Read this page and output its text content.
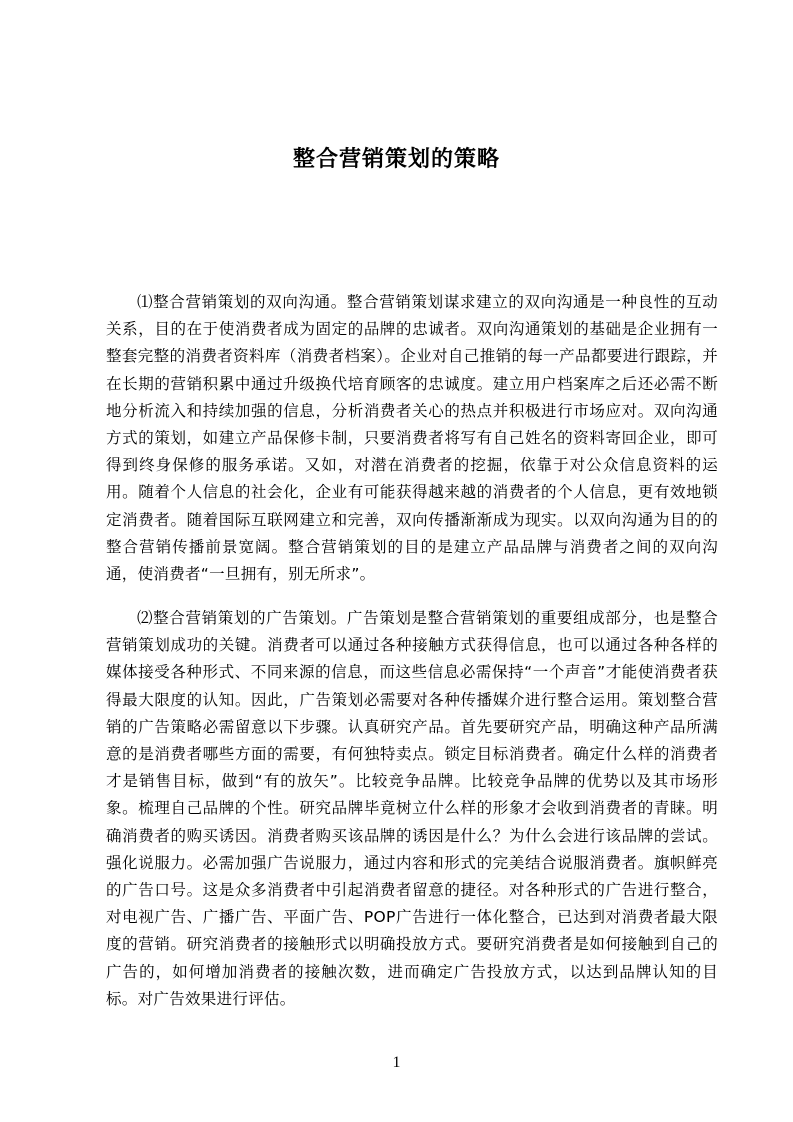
整合营销策划的策略

⑴整合营销策划的双向沟通。整合营销策划谋求建立的双向沟通是一种良性的互动关系，目的在于使消费者成为固定的品牌的忠诚者。双向沟通策划的基础是企业拥有一整套完整的消费者资料库（消费者档案）。企业对自己推销的每一产品都要进行跟踪，并在长期的营销积累中通过升级换代培育顾客的忠诚度。建立用户档案库之后还必需不断地分析流入和持续加强的信息，分析消费者关心的热点并积极进行市场应对。双向沟通方式的策划，如建立产品保修卡制，只要消费者将写有自己姓名的资料寄回企业，即可得到终身保修的服务承诺。又如，对潜在消费者的挖掘，依靠于对公众信息资料的运用。随着个人信息的社会化，企业有可能获得越来越的消费者的个人信息，更有效地锁定消费者。随着国际互联网建立和完善，双向传播渐渐成为现实。以双向沟通为目的的整合营销传播前景宽阔。整合营销策划的目的是建立产品品牌与消费者之间的双向沟通，使消费者“一旦拥有，别无所求”。

⑵整合营销策划的广告策划。广告策划是整合营销策划的重要组成部分，也是整合营销策划成功的关键。消费者可以通过各种接触方式获得信息，也可以通过各种各样的媒体接受各种形式、不同来源的信息，而这些信息必需保持“一个声音”才能使消费者获得最大限度的认知。因此，广告策划必需要对各种传播媒介进行整合运用。策划整合营销的广告策略必需留意以下步骤。认真研究产品。首先要研究产品，明确这种产品所满意的是消费者哪些方面的需要，有何独特卖点。锁定目标消费者。确定什么样的消费者才是销售目标，做到“有的放矢”。比较竞争品牌。比较竞争品牌的优势以及其市场形象。梳理自己品牌的个性。研究品牌毕竟树立什么样的形象才会收到消费者的青睐。明确消费者的购买诱因。消费者购买该品牌的诱因是什么？为什么会进行该品牌的尝试。强化说服力。必需加强广告说服力，通过内容和形式的完美结合说服消费者。旗帜鲜亮的广告口号。这是众多消费者中引起消费者留意的捷径。对各种形式的广告进行整合，对电视广告、广播广告、平面广告、POP广告进行一体化整合，已达到对消费者最大限度的营销。研究消费者的接触形式以明确投放方式。要研究消费者是如何接触到自己的广告的，如何增加消费者的接触次数，进而确定广告投放方式，以达到品牌认知的目标。对广告效果进行评估。

1
